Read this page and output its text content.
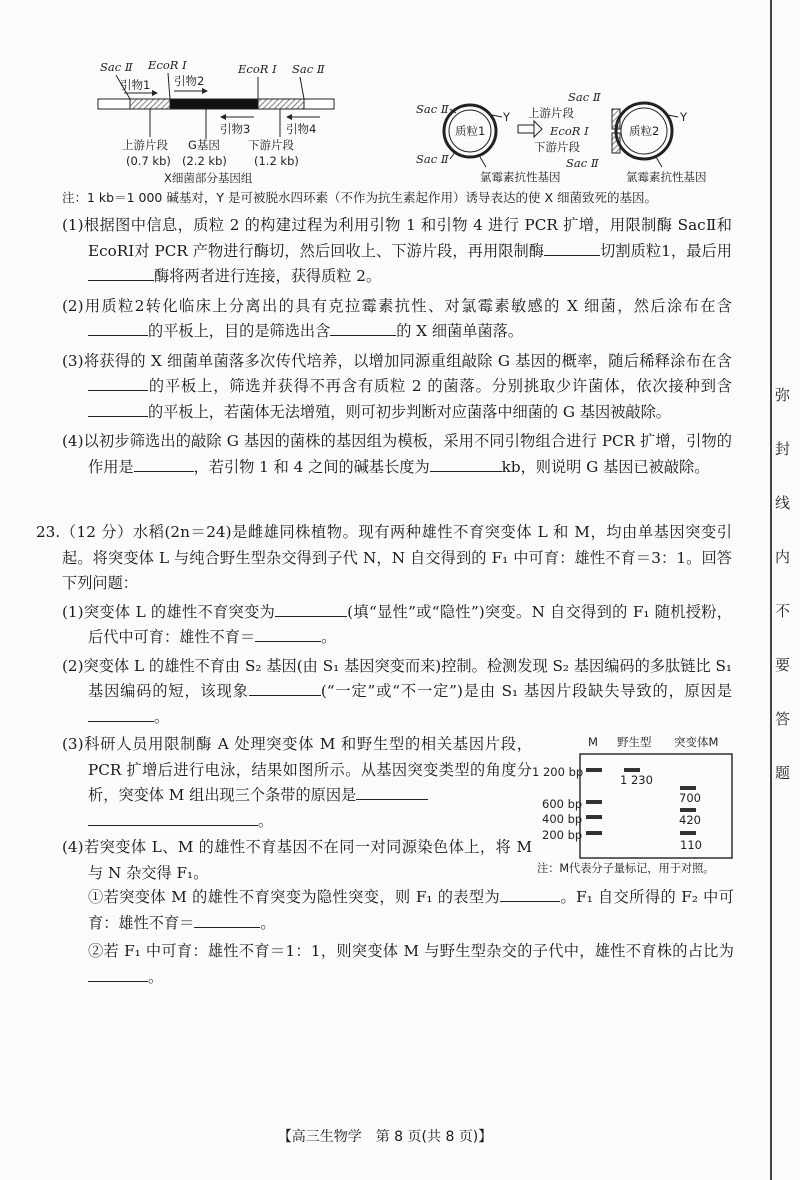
Sac Ⅱ EcoR Ⅰ	EcoR Ⅰ Sac Ⅱ
引物1 引物2
引物3	引物4
上游片段
(0.7 kb)
G基因
(2.2 kb)
下游片段
(1.2 kb)
X细菌部分基因组
质粒1
Sac Ⅱ
Sac Ⅱ
Y
氯霉素抗性基因
Sac Ⅱ
上游片段
EcoR Ⅰ
下游片段
Sac Ⅱ
质粒2
Y
氯霉素抗性基因
注：1 kb＝1 000 碱基对，Y 是可被脱水四环素（不作为抗生素起作用）诱导表达的使 X 细菌致死的基因。

(1)根据图中信息，质粒 2 的构建过程为利用引物 1 和引物 4 进行 PCR 扩增，用限制酶 SacⅡ和 EcoRⅠ对 PCR 产物进行酶切，然后回收上、下游片段，再用限制酶	切割质粒1，最后用酶将两者进行连接，获得质粒 2。

(2)用质粒2转化临床上分离出的具有克拉霉素抗性、对氯霉素敏感的 X 细菌，然后涂布在含的平板上，目的是筛选出含	的 X 细菌单菌落。

(3)将获得的 X 细菌单菌落多次传代培养，以增加同源重组敲除 G 基因的概率，随后稀释涂布在含的平板上，筛选并获得不再含有质粒 2 的菌落。分别挑取少许菌体，依次接种到含的平板上，若菌体无法增殖，则可初步判断对应菌落中细菌的 G 基因被敲除。

(4)以初步筛选出的敲除 G 基因的菌株的基因组为模板，采用不同引物组合进行 PCR 扩增，引物的作用是	，若引物 1 和 4 之间的碱基长度为	kb，则说明 G 基因已被敲除。

23.（12 分）水稻(2n＝24)是雌雄同株植物。现有两种雄性不育突变体 L 和 M，均由单基因突变引起。将突变体 L 与纯合野生型杂交得到子代 N，N 自交得到的 F₁ 中可育：雄性不育＝3：1。回答下列问题：

(1)突变体 L 的雄性不育突变为	(填“显性”或“隐性”)突变。N 自交得到的 F₁ 随机授粉，后代中可育：雄性不育＝	。

(2)突变体 L 的雄性不育由 S₂ 基因(由 S₁ 基因突变而来)控制。检测发现 S₂ 基因编码的多肽链比 S₁ 基因编码的短，该现象	(“一定”或“不一定”)是由 S₁ 基因片段缺失导致的，原因是。

(3)科研人员用限制酶 A 处理突变体 M 和野生型的相关基因片段，PCR 扩增后进行电泳，结果如图所示。从基因突变类型的角度分析，突变体 M 组出现三个条带的原因是
。

(4)若突变体 L、M 的雄性不育基因不在同一对同源染色体上，将 M 与 N 杂交得 F₁。

①若突变体 M 的雄性不育突变为隐性突变，则 F₁ 的表型为	。F₁ 自交所得的 F₂ 中可育：雄性不育＝	。

②若 F₁ 中可育：雄性不育＝1：1，则突变体 M 与野生型杂交的子代中，雄性不育株的占比为。

M 野生型 突变体M
1 200 bp
600 bp
400 bp
200 bp
1 230
700
420
110
注：M代表分子量标记，用于对照。
弥
封
线
内
不
要
答
题
【高三生物学　第 8 页(共 8 页)】
